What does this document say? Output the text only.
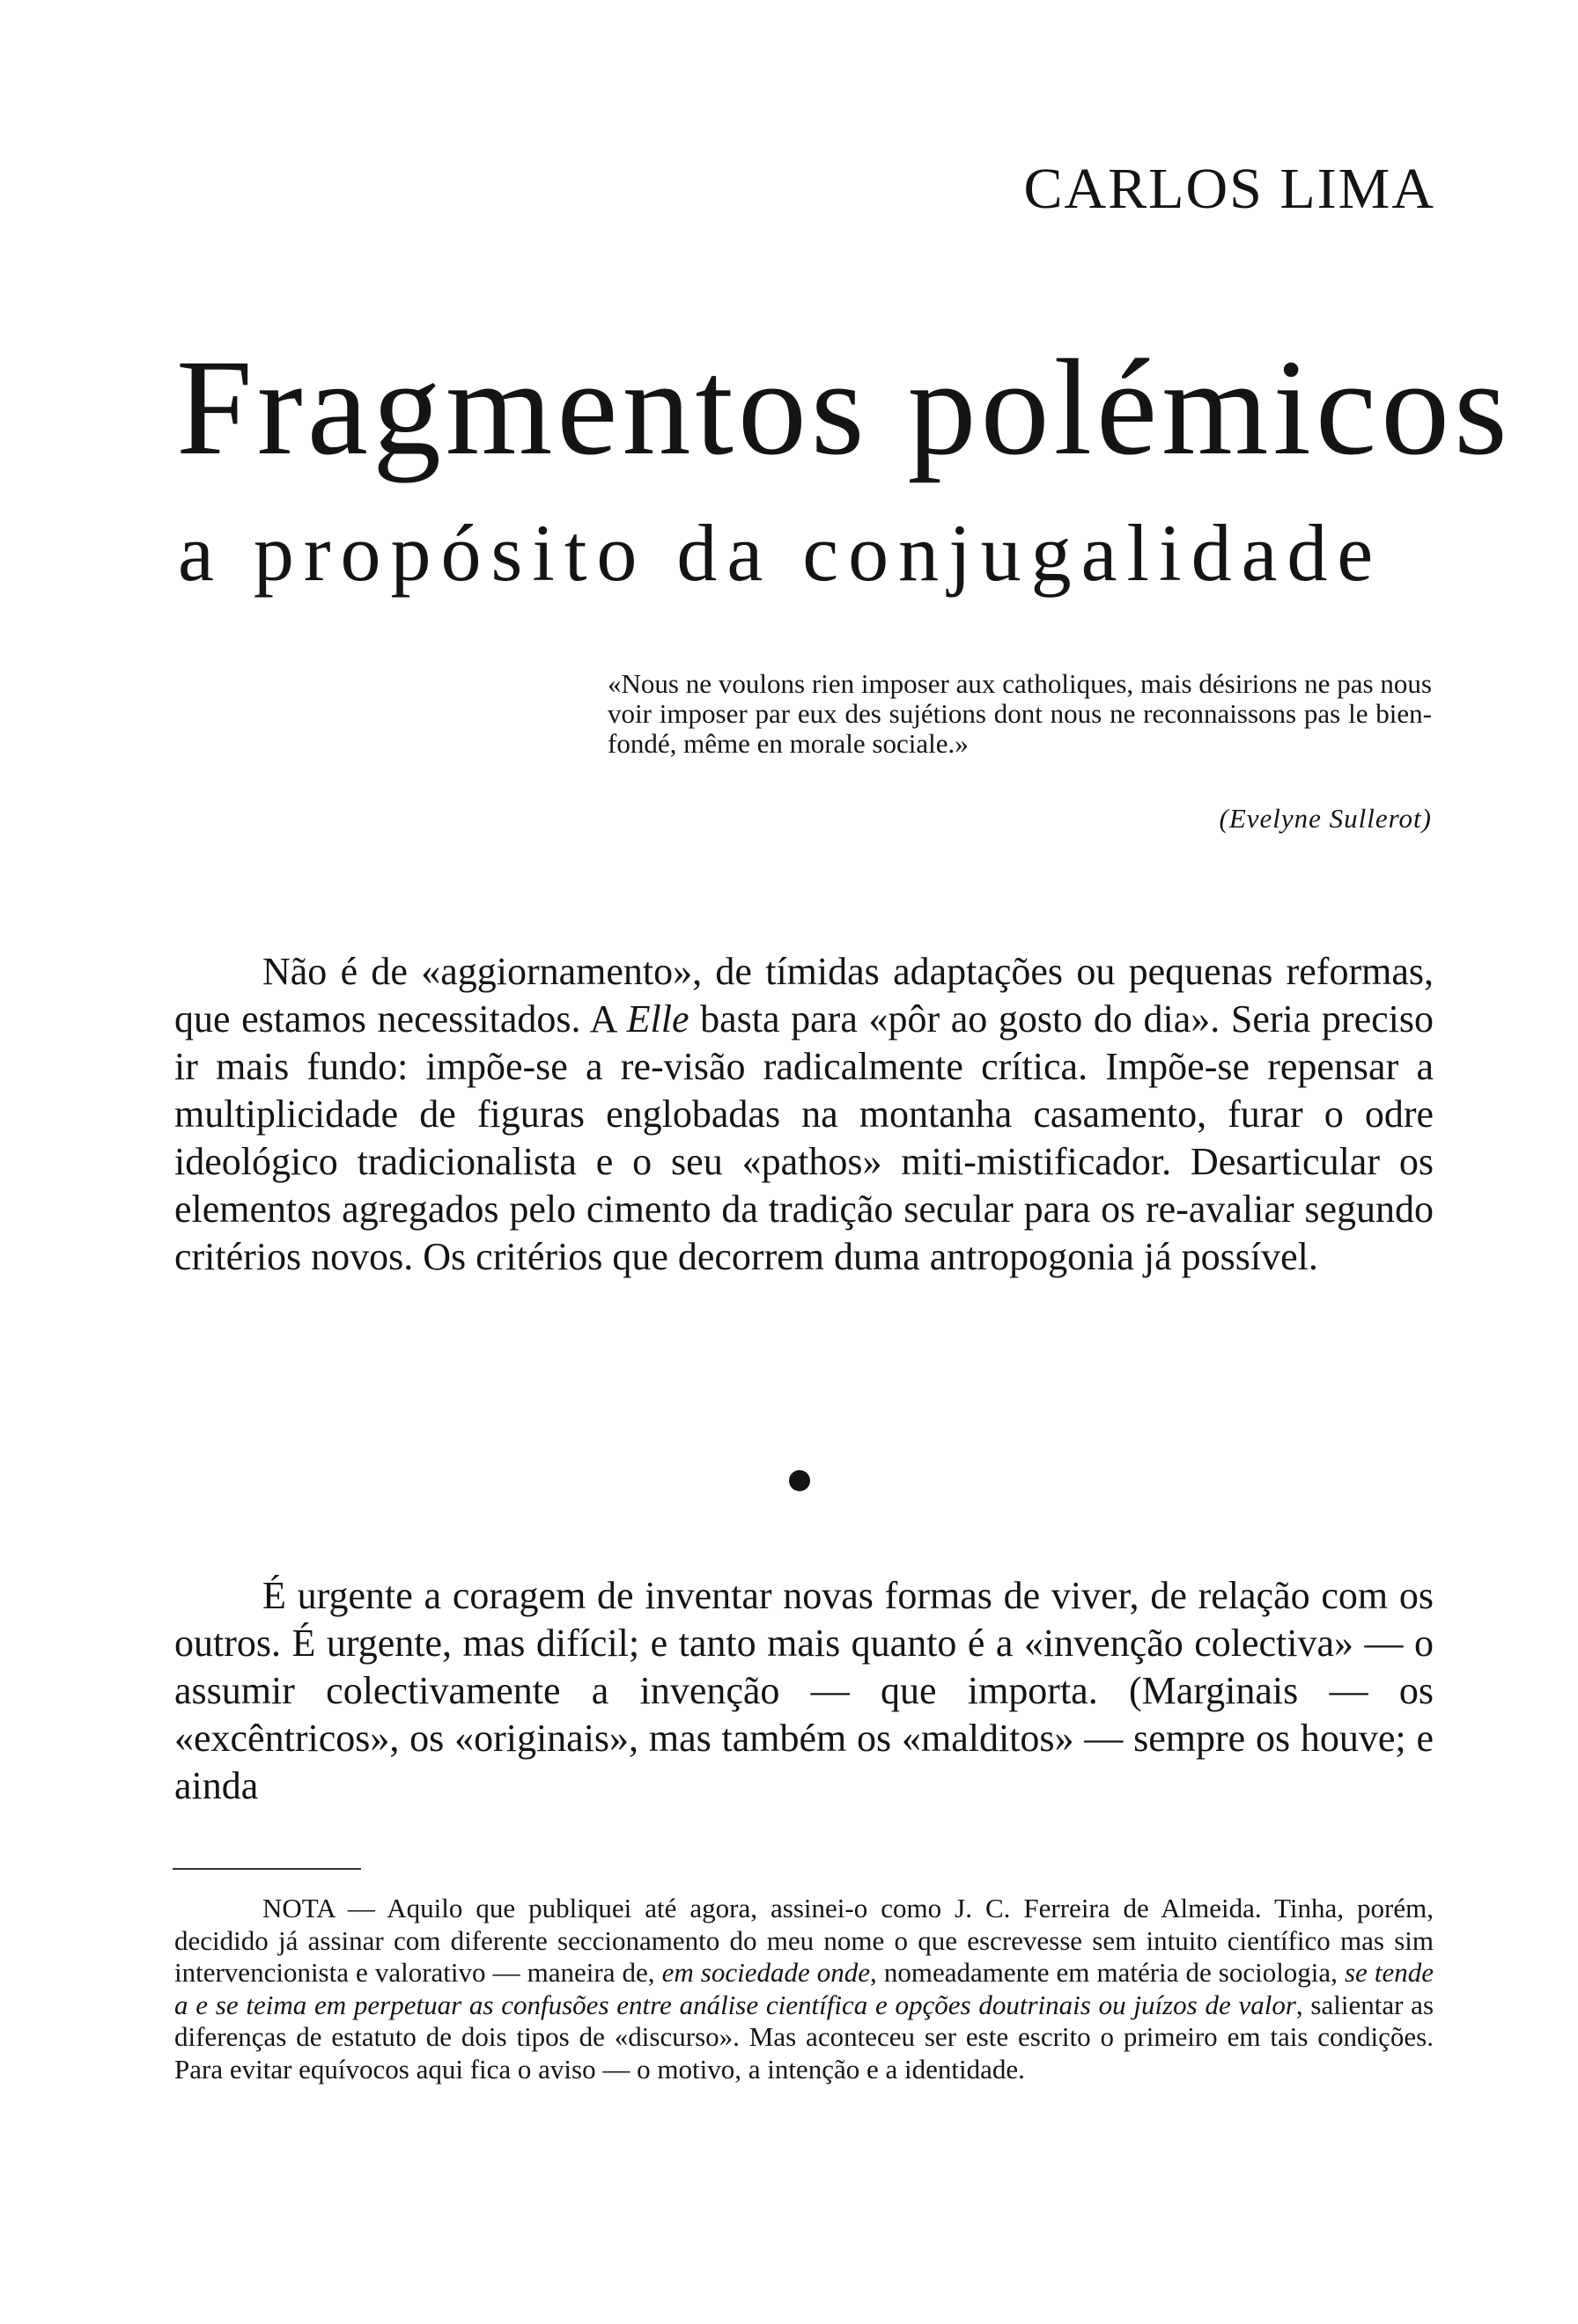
CARLOS LIMA
Fragmentos polémicos
a propósito da conjugalidade
«Nous ne voulons rien imposer aux catholiques, mais désirions ne pas nous voir imposer par eux des sujétions dont nous ne reconnaissons pas le bien-fondé, même en morale sociale.»
(Evelyne Sullerot)

Não é de «aggiornamento», de tímidas adaptações ou pequenas reformas, que estamos necessitados. A Elle basta para «pôr ao gosto do dia». Seria preciso ir mais fundo: impõe-se a re-visão radicalmente crítica. Impõe-se repensar a multiplicidade de figuras englobadas na montanha casamento, furar o odre ideológico tradicionalista e o seu «pathos» miti-mistificador. Desarticular os elementos agregados pelo cimento da tradição secular para os re-avaliar segundo critérios novos. Os critérios que decorrem duma antropogonia já possível.

É urgente a coragem de inventar novas formas de viver, de relação com os outros. É urgente, mas difícil; e tanto mais quanto é a «invenção colectiva» — o assumir colectivamente a invenção — que importa. (Marginais — os «excêntricos», os «originais», mas também os «malditos» — sempre os houve; e ainda

NOTA — Aquilo que publiquei até agora, assinei-o como J. C. Ferreira de Almeida. Tinha, porém, decidido já assinar com diferente seccionamento do meu nome o que escrevesse sem intuito científico mas sim intervencionista e valorativo — maneira de, em sociedade onde, nomeadamente em matéria de sociologia, se tende a e se teima em perpetuar as confusões entre análise científica e opções doutrinais ou juízos de valor, salientar as diferenças de estatuto de dois tipos de «discurso». Mas aconteceu ser este escrito o primeiro em tais condições. Para evitar equívocos aqui fica o aviso — o motivo, a intenção e a identidade.
